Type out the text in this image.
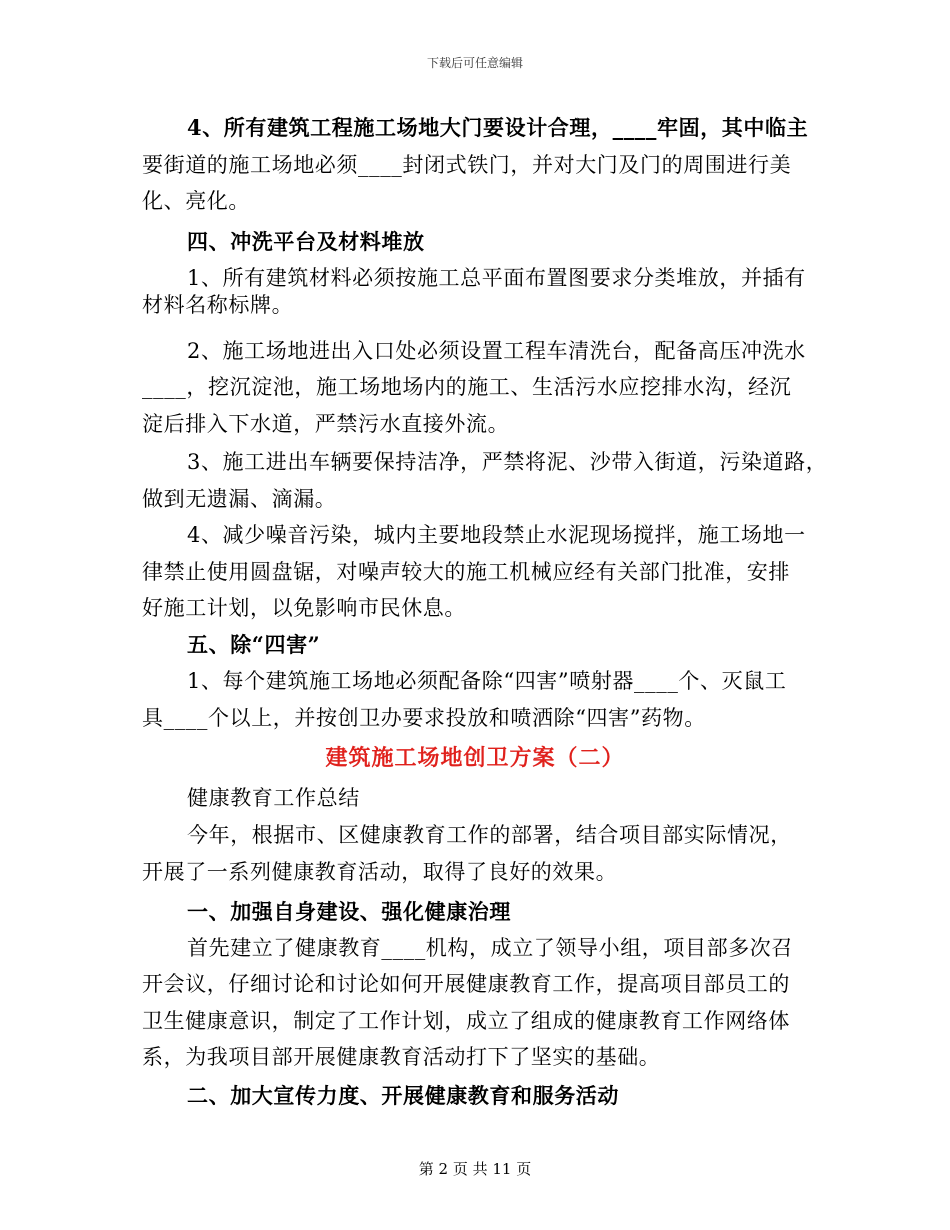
下载后可任意编辑
4、所有建筑工程施工场地大门要设计合理，____牢固，其中临主
要街道的施工场地必须____封闭式铁门，并对大门及门的周围进行美
化、亮化。
四、冲洗平台及材料堆放
1、所有建筑材料必须按施工总平面布置图要求分类堆放，并插有
材料名称标牌。
2、施工场地进出入口处必须设置工程车清洗台，配备高压冲洗水
____，挖沉淀池，施工场地场内的施工、生活污水应挖排水沟，经沉
淀后排入下水道，严禁污水直接外流。
3、施工进出车辆要保持洁净，严禁将泥、沙带入街道，污染道路，
做到无遗漏、滴漏。
4、减少噪音污染，城内主要地段禁止水泥现场搅拌，施工场地一
律禁止使用圆盘锯，对噪声较大的施工机械应经有关部门批准，安排
好施工计划，以免影响市民休息。
五、除“四害”
1、每个建筑施工场地必须配备除“四害”喷射器____个、灭鼠工
具____个以上，并按创卫办要求投放和喷洒除“四害”药物。
建筑施工场地创卫方案（二）
健康教育工作总结
今年，根据市、区健康教育工作的部署，结合项目部实际情况，
开展了一系列健康教育活动，取得了良好的效果。
一、加强自身建设、强化健康治理
首先建立了健康教育____机构，成立了领导小组，项目部多次召
开会议，仔细讨论和讨论如何开展健康教育工作，提高项目部员工的
卫生健康意识，制定了工作计划，成立了组成的健康教育工作网络体
系，为我项目部开展健康教育活动打下了坚实的基础。
二、加大宣传力度、开展健康教育和服务活动
第 2 页 共 11 页
